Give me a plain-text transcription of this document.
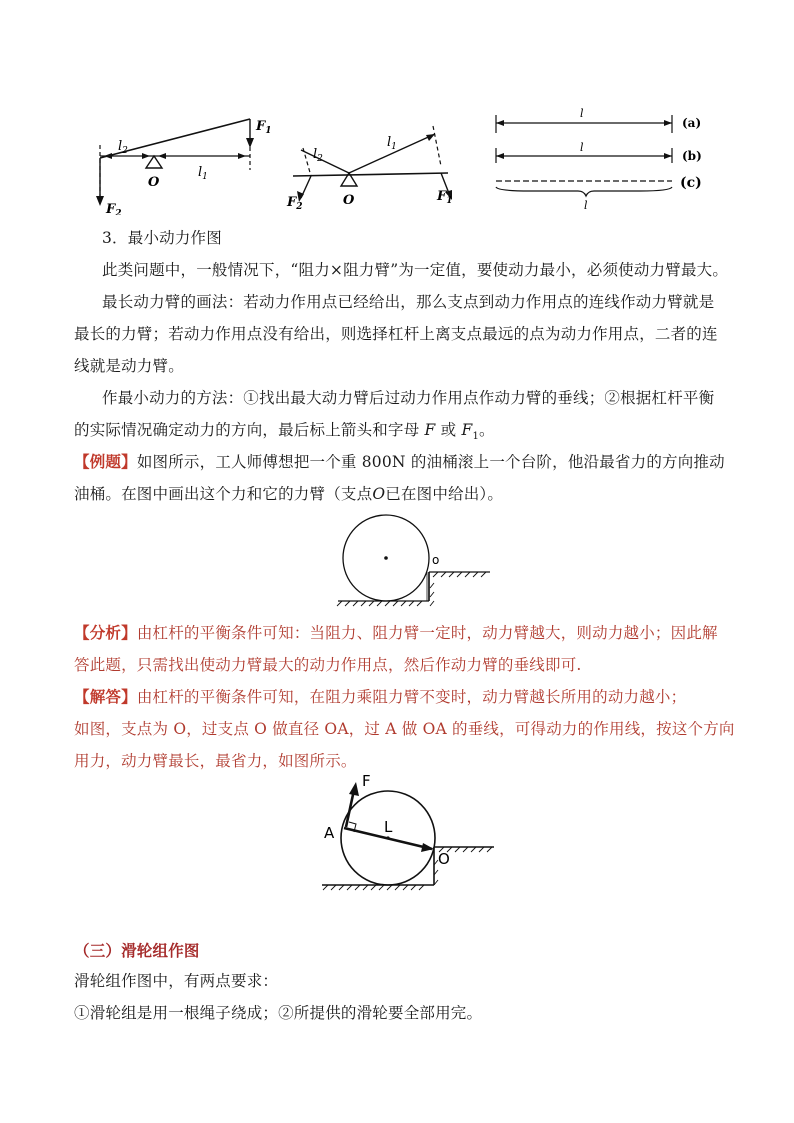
$F_1$
$F_2$
$l_2$
$l_1$
O
$l_2$
$l_1$
$F_2$
$F_1$
O
l
l
l
(a)
(b)
(c)
3．最小动力作图
此类问题中，一般情况下，“阻力×阻力臂”为一定值，要使动力最小，必须使动力臂最大。
最长动力臂的画法：若动力作用点已经给出，那么支点到动力作用点的连线作动力臂就是
最长的力臂；若动力作用点没有给出，则选择杠杆上离支点最远的点为动力作用点，二者的连
线就是动力臂。
作最小动力的方法：①找出最大动力臂后过动力作用点作动力臂的垂线；②根据杠杆平衡
的实际情况确定动力的方向，最后标上箭头和字母 F 或 $F_1$。
【例题】如图所示，工人师傅想把一个重 800N 的油桶滚上一个台阶，他沿最省力的方向推动
油桶。在图中画出这个力和它的力臂（支点O已在图中给出）。
o
【分析】由杠杆的平衡条件可知：当阻力、阻力臂一定时，动力臂越大，则动力越小；因此解
答此题，只需找出使动力臂最大的动力作用点，然后作动力臂的垂线即可.
【解答】由杠杆的平衡条件可知，在阻力乘阻力臂不变时，动力臂越长所用的动力越小；
如图，支点为 O，过支点 O 做直径 OA，过 A 做 OA 的垂线，可得动力的作用线，按这个方向
用力，动力臂最长，最省力，如图所示。
F
A	L
O
（三）滑轮组作图
滑轮组作图中，有两点要求：
①滑轮组是用一根绳子绕成；②所提供的滑轮要全部用完。
